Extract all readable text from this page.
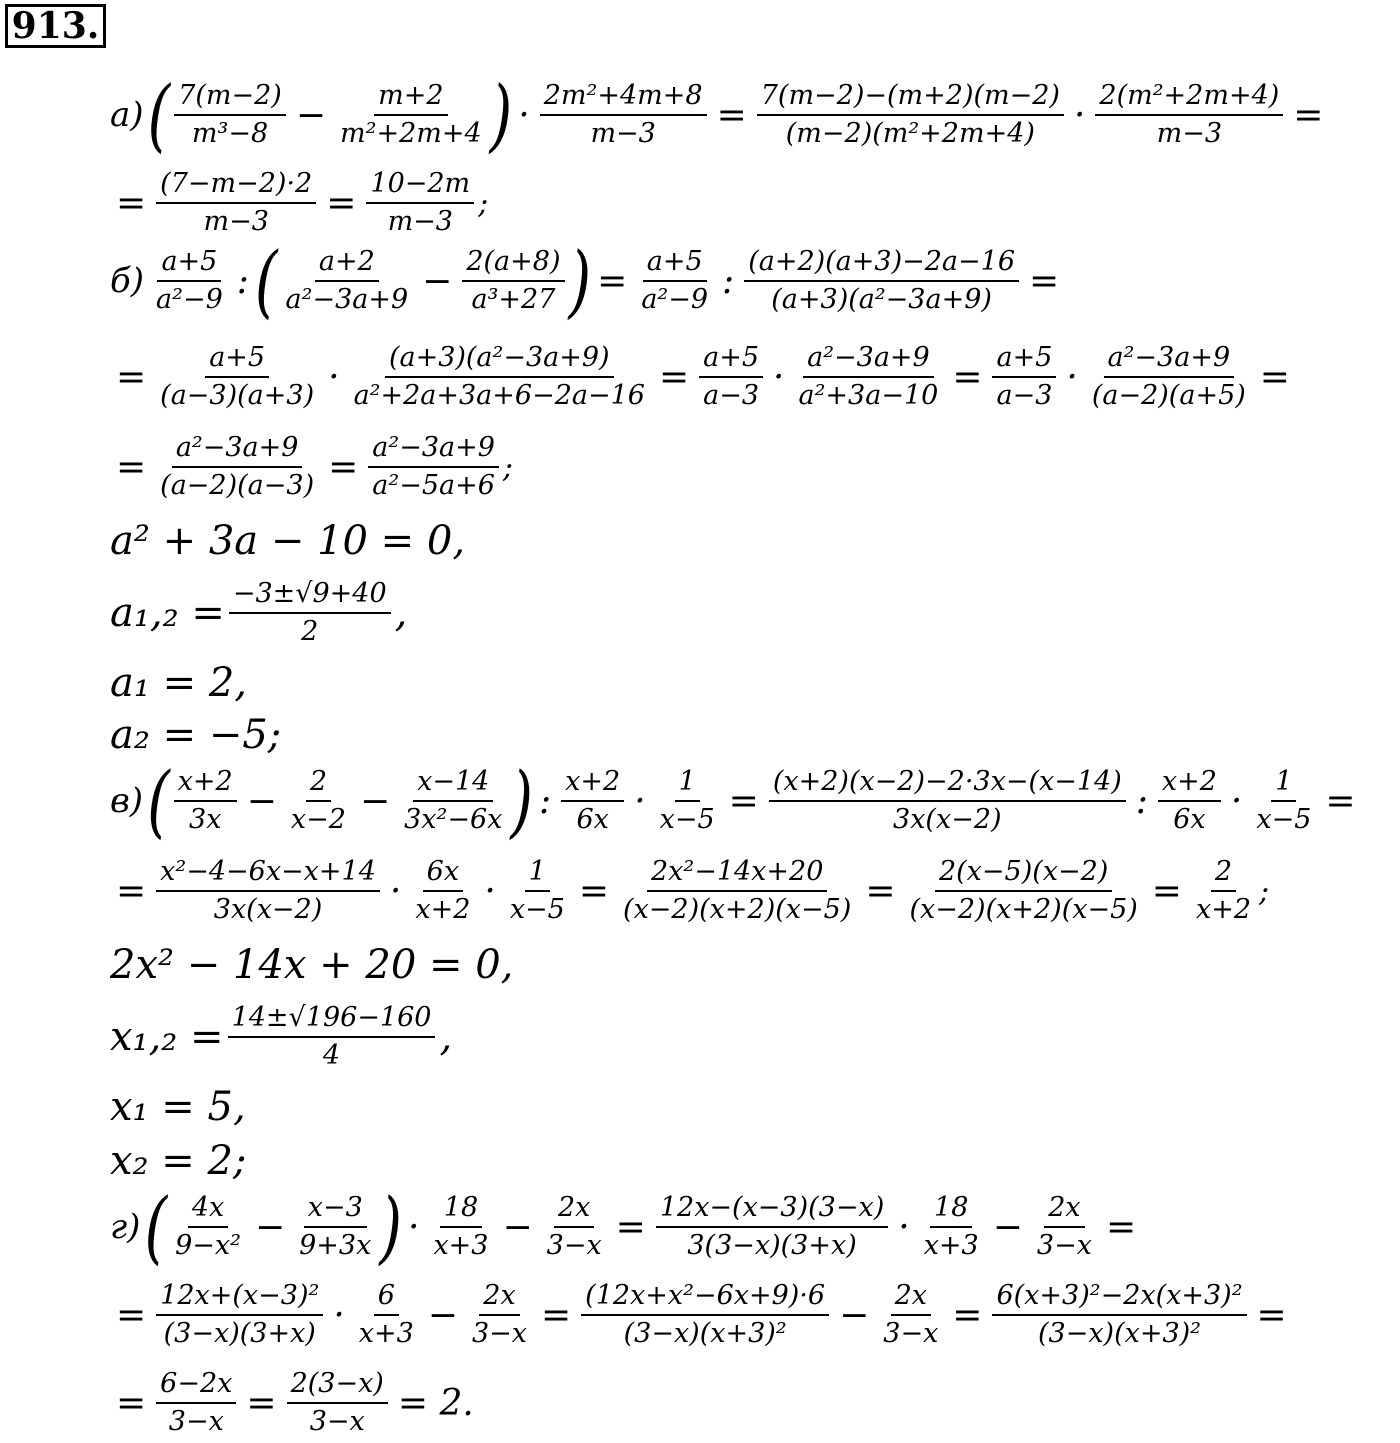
913.
а) ( $\frac{7(m-2)}{\text{m³−8}} - \frac{m+2}{\text{m²+2m+4}}$ ) · $\frac{\text{2m²+4m+8}}{m-3} = \frac{7(m-2)-(m+2)(m-2)}{\text{(m−2)(m²+2m+4)}} \cdot \frac{\text{2(m²+2m+4)}}{m-3}$ =
= $\frac{(7-m-2)\cdot 2}{m-3} = \frac{10-2m}{m-3}$ ;
$б) \frac{a+5}{\text{a²−9}}$ : ( $\frac{a+2}{\text{a²−3a+9}} - \frac{2(a+8)}{\text{a³+27}}$ ) = $\frac{a+5}{\text{a²−9}}$ : $\frac{(a+2)(a+3)-2a-16}{\text{(a+3)(a²−3a+9)}}$ =
= $\frac{a+5}{(a-3)(a+3)} \cdot \frac{\text{(a+3)(a²−3a+9)}}{\text{a²+2a+3a+6−2a−16}} = \frac{a+5}{a-3} \cdot \frac{\text{a²−3a+9}}{\text{a²+3a−10}} = \frac{a+5}{a-3} \cdot \frac{\text{a²−3a+9}}{(a-2)(a+5)}$ =
= $\frac{\text{a²−3a+9}}{(a-2)(a-3)} = \frac{\text{a²−3a+9}}{\text{a²−5a+6}}$ ;
a² + 3a − 10 = 0,
$a_1,_2 = \frac{-3\pm√9+40}{2}$ ,
a₁ = 2,
a₂ = −5;
в) ( $\frac{x+2}{3x} - \frac{2}{x-2} - \frac{x-14}{\text{3x²−6x}}$ ) : $\frac{x+2}{6x} \cdot \frac{1}{x-5} = \frac{(x+2)(x-2)-2\cdot 3x-(x-14)}{3x(x-2)}$ : $\frac{x+2}{6x} \cdot \frac{1}{x-5}$ =
= $\frac{\text{x²−4−6x−x+14}}{3x(x-2)} \cdot \frac{6x}{x+2} \cdot \frac{1}{x-5} = \frac{\text{2x²−14x+20}}{(x-2)(x+2)(x-5)} = \frac{2(x-5)(x-2)}{(x-2)(x+2)(x-5)} = \frac{2}{x+2}$ ;
2x² − 14x + 20 = 0,
$x_1,_2 = \frac{14\pm√196-160}{4}$ ,
x₁ = 5,
x₂ = 2;
г) ( $\frac{4x}{\text{9−x²}} - \frac{x-3}{9+3x}$ ) · $\frac{18}{x+3} - \frac{2x}{3-x} = \frac{12x-(x-3)(3-x)}{3(3-x)(3+x)} \cdot \frac{18}{x+3} - \frac{2x}{3-x}$ =
= $\frac{\text{12x+(x−3)²}}{(3-x)(3+x)} \cdot \frac{6}{x+3} - \frac{2x}{3-x} = \frac{\text{(12x+x²−6x+9)·6}}{\text{(3−x)(x+3)²}} - \frac{2x}{3-x} = \frac{\text{6(x+3)²−2x(x+3)²}}{\text{(3−x)(x+3)²}}$ =
= $\frac{6-2x}{3-x} = \frac{2(3-x)}{3-x} = 2$.
